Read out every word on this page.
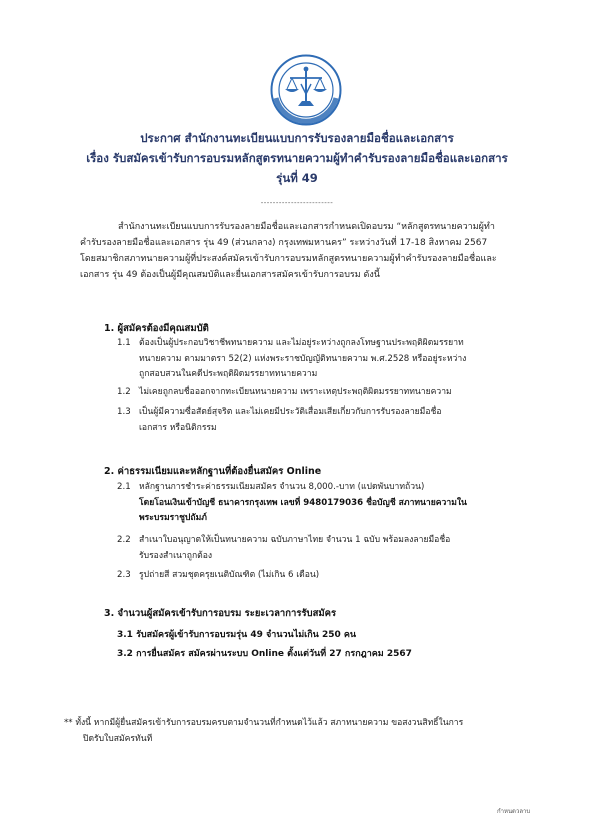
ประกาศ สำนักงานทะเบียนแบบการรับรองลายมือชื่อและเอกสาร
เรื่อง รับสมัครเข้ารับการอบรมหลักสูตรทนายความผู้ทำคำรับรองลายมือชื่อและเอกสาร
รุ่นที่ 49
------------------------
สำนักงานทะเบียนแบบการรับรองลายมือชื่อและเอกสารกำหนดเปิดอบรม “หลักสูตรทนายความผู้ทำ
คำรับรองลายมือชื่อและเอกสาร รุ่น 49 (ส่วนกลาง) กรุงเทพมหานคร” ระหว่างวันที่ 17-18 สิงหาคม 2567
โดยสมาชิกสภาทนายความผู้ที่ประสงค์สมัครเข้ารับการอบรมหลักสูตรทนายความผู้ทำคำรับรองลายมือชื่อและ
เอกสาร รุ่น 49 ต้องเป็นผู้มีคุณสมบัติและยื่นเอกสารสมัครเข้ารับการอบรม ดังนี้
1. ผู้สมัครต้องมีคุณสมบัติ
1.1 ต้องเป็นผู้ประกอบวิชาชีพทนายความ และไม่อยู่ระหว่างถูกลงโทษฐานประพฤติผิดมรรยาท
ทนายความ ตามมาตรา 52(2) แห่งพระราชบัญญัติทนายความ พ.ศ.2528 หรืออยู่ระหว่าง
ถูกสอบสวนในคดีประพฤติผิดมรรยาททนายความ
1.2 ไม่เคยถูกลบชื่อออกจากทะเบียนทนายความ เพราะเหตุประพฤติผิดมรรยาททนายความ
1.3 เป็นผู้มีความซื่อสัตย์สุจริต และไม่เคยมีประวัติเสื่อมเสียเกี่ยวกับการรับรองลายมือชื่อ
เอกสาร หรือนิติกรรม
2. ค่าธรรมเนียมและหลักฐานที่ต้องยื่นสมัคร Online
2.1 หลักฐานการชำระค่าธรรมเนียมสมัคร จำนวน 8,000.-บาท (แปดพันบาทถ้วน)
โดยโอนเงินเข้าบัญชี ธนาคารกรุงเทพ เลขที่ 9480179036 ชื่อบัญชี สภาทนายความใน
พระบรมราชูปถัมภ์
2.2 สำเนาใบอนุญาตให้เป็นทนายความ ฉบับภาษาไทย จำนวน 1 ฉบับ พร้อมลงลายมือชื่อ
รับรองสำเนาถูกต้อง
2.3 รูปถ่ายสี สวมชุดครุยเนติบัณฑิต (ไม่เกิน 6 เดือน)
3. จำนวนผู้สมัครเข้ารับการอบรม ระยะเวลาการรับสมัคร
3.1 รับสมัครผู้เข้ารับการอบรมรุ่น 49 จำนวนไม่เกิน 250 คน
3.2 การยื่นสมัคร สมัครผ่านระบบ Online ตั้งแต่วันที่ 27 กรกฎาคม 2567
** ทั้งนี้ หากมีผู้ยื่นสมัครเข้ารับการอบรมครบตามจำนวนที่กำหนดไว้แล้ว สภาทนายความ ขอสงวนสิทธิ์ในการ
ปิดรับใบสมัครทันที
กำหนดวลาบ
